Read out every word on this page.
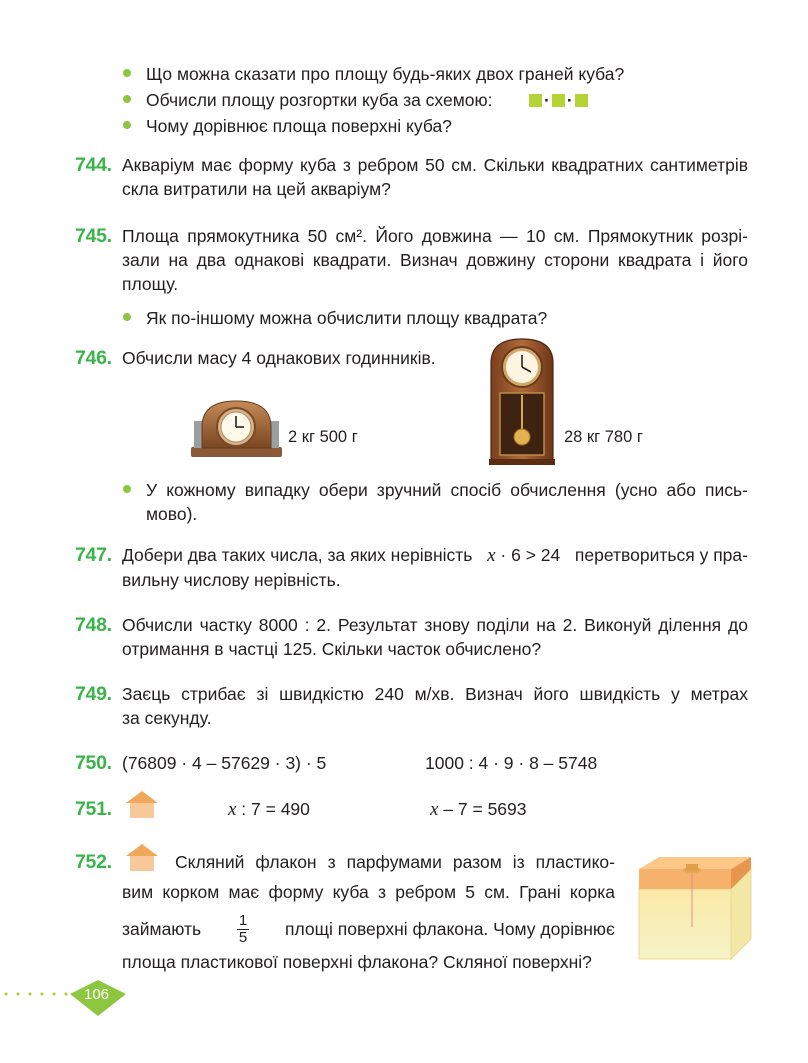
Що можна сказати про площу будь-яких двох граней куба?
Обчисли площу розгортки куба за схемою:	· ·
Чому дорівнює площа поверхні куба?
744. Акваріум має форму куба з ребром 50 см. Скільки квадратних сантиметрів
скла витратили на цей акваріум?
745. Площа прямокутника 50 см². Його довжина — 10 см. Прямокутник розрі-
зали на два однакові квадрати. Визнач довжину сторони квадрата і його
площу.
Як по-іншому можна обчислити площу квадрата?
746. Обчисли масу 4 однакових годинників.
2 кг 500 г	28 кг 780 г
У кожному випадку обери зручний спосіб обчислення (усно або пись-
мово).
747. Добери два таких числа, за яких нерівність x · 6 > 24 перетвориться у пра-
вильну числову нерівність.
748. Обчисли частку 8000 : 2. Результат знову поділи на 2. Виконуй ділення до
отримання в частці 125. Скільки часток обчислено?
749. Заєць стрибає зі швидкістю 240 м/хв. Визнач його швидкість у метрах
за секунду.
750. (76809 · 4 – 57629 · 3) · 5	1000 : 4 · 9 · 8 – 5748
751.	x : 7 = 490	x – 7 = 5693
752.	Скляний флакон з парфумами разом із пластико-
вим корком має форму куба з ребром 5 см. Грані корка
займають $\frac{1}{5}$ площі поверхні флакона. Чому дорівнює
площа пластикової поверхні флакона? Скляної поверхні?
106
